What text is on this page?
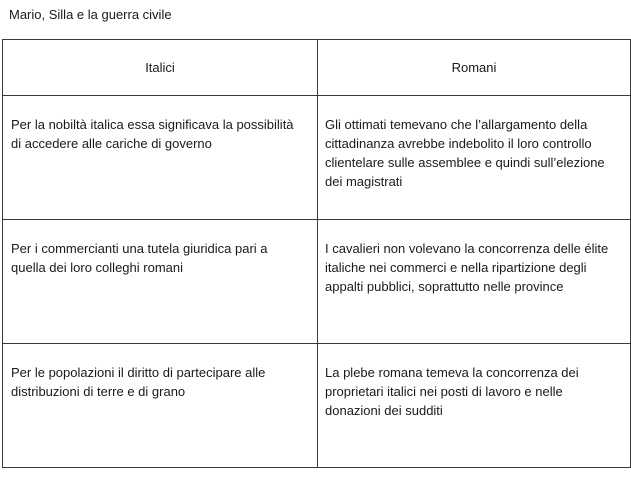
Mario, Silla e la guerra civile
Italici	Romani

Per la nobiltà italica essa significava la possibilità di accedere alle cariche di governo	Gli ottimati temevano che l’allargamento della cittadinanza avrebbe indebolito il loro controllo clientelare sulle assemblee e quindi sull’elezione dei magistrati

Per i commercianti una tutela giuridica pari a quella dei loro colleghi romani	I cavalieri non volevano la concorrenza delle élite italiche nei commerci e nella ripartizione degli appalti pubblici, soprattutto nelle province

Per le popolazioni il diritto di partecipare alle distribuzioni di terre e di grano	La plebe romana temeva la concorrenza dei proprietari italici nei posti di lavoro e nelle donazioni dei sudditi
